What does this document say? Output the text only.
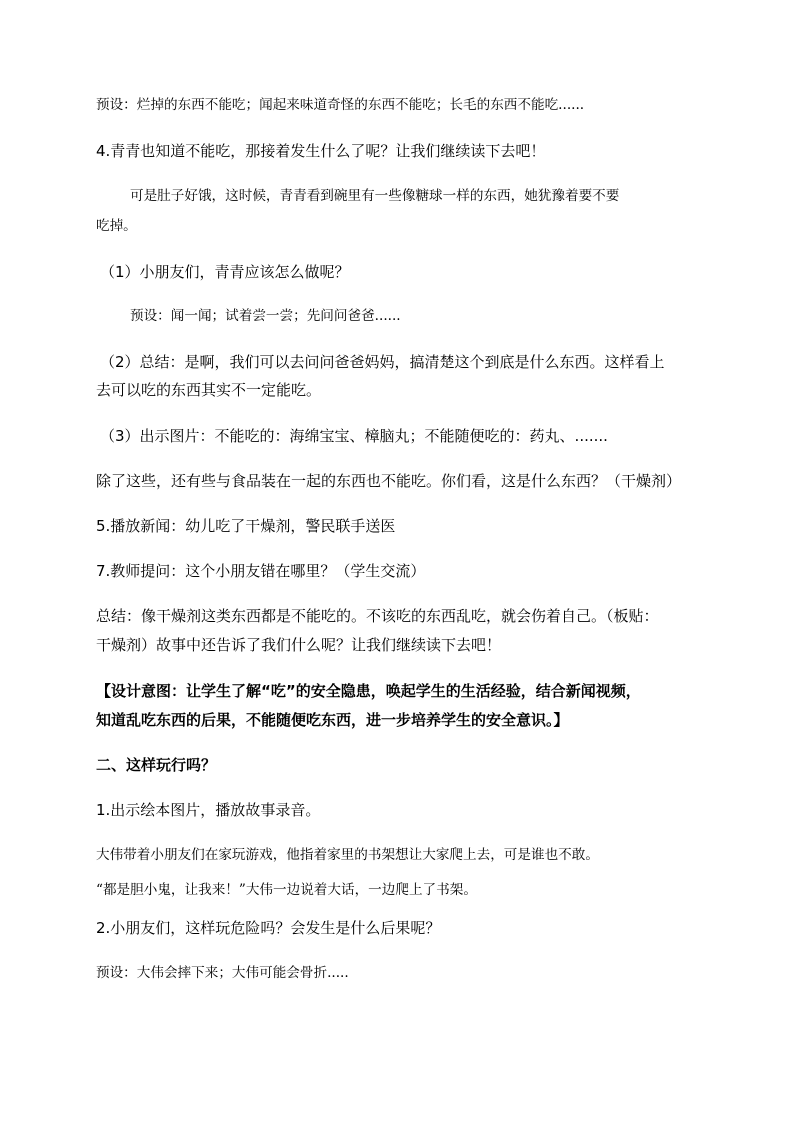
预设：烂掉的东西不能吃；闻起来味道奇怪的东西不能吃；长毛的东西不能吃......
4.青青也知道不能吃，那接着发生什么了呢？让我们继续读下去吧！
可是肚子好饿，这时候，青青看到碗里有一些像糖球一样的东西，她犹豫着要不要
吃掉。
（1）小朋友们，青青应该怎么做呢？
预设：闻一闻；试着尝一尝；先问问爸爸......
（2）总结：是啊，我们可以去问问爸爸妈妈，搞清楚这个到底是什么东西。这样看上
去可以吃的东西其实不一定能吃。
（3）出示图片：不能吃的：海绵宝宝、樟脑丸；不能随便吃的：药丸、.......
除了这些，还有些与食品装在一起的东西也不能吃。你们看，这是什么东西？（干燥剂）
5.播放新闻：幼儿吃了干燥剂，警民联手送医
7.教师提问：这个小朋友错在哪里？（学生交流）
总结：像干燥剂这类东西都是不能吃的。不该吃的东西乱吃，就会伤着自己。（板贴：
干燥剂）故事中还告诉了我们什么呢？让我们继续读下去吧！
【设计意图：让学生了解“吃”的安全隐患，唤起学生的生活经验，结合新闻视频，
知道乱吃东西的后果，不能随便吃东西，进一步培养学生的安全意识。】
二、这样玩行吗？
1.出示绘本图片，播放故事录音。
大伟带着小朋友们在家玩游戏，他指着家里的书架想让大家爬上去，可是谁也不敢。
“都是胆小鬼，让我来！”大伟一边说着大话，一边爬上了书架。
2.小朋友们，这样玩危险吗？会发生是什么后果呢？
预设：大伟会摔下来；大伟可能会骨折.....
